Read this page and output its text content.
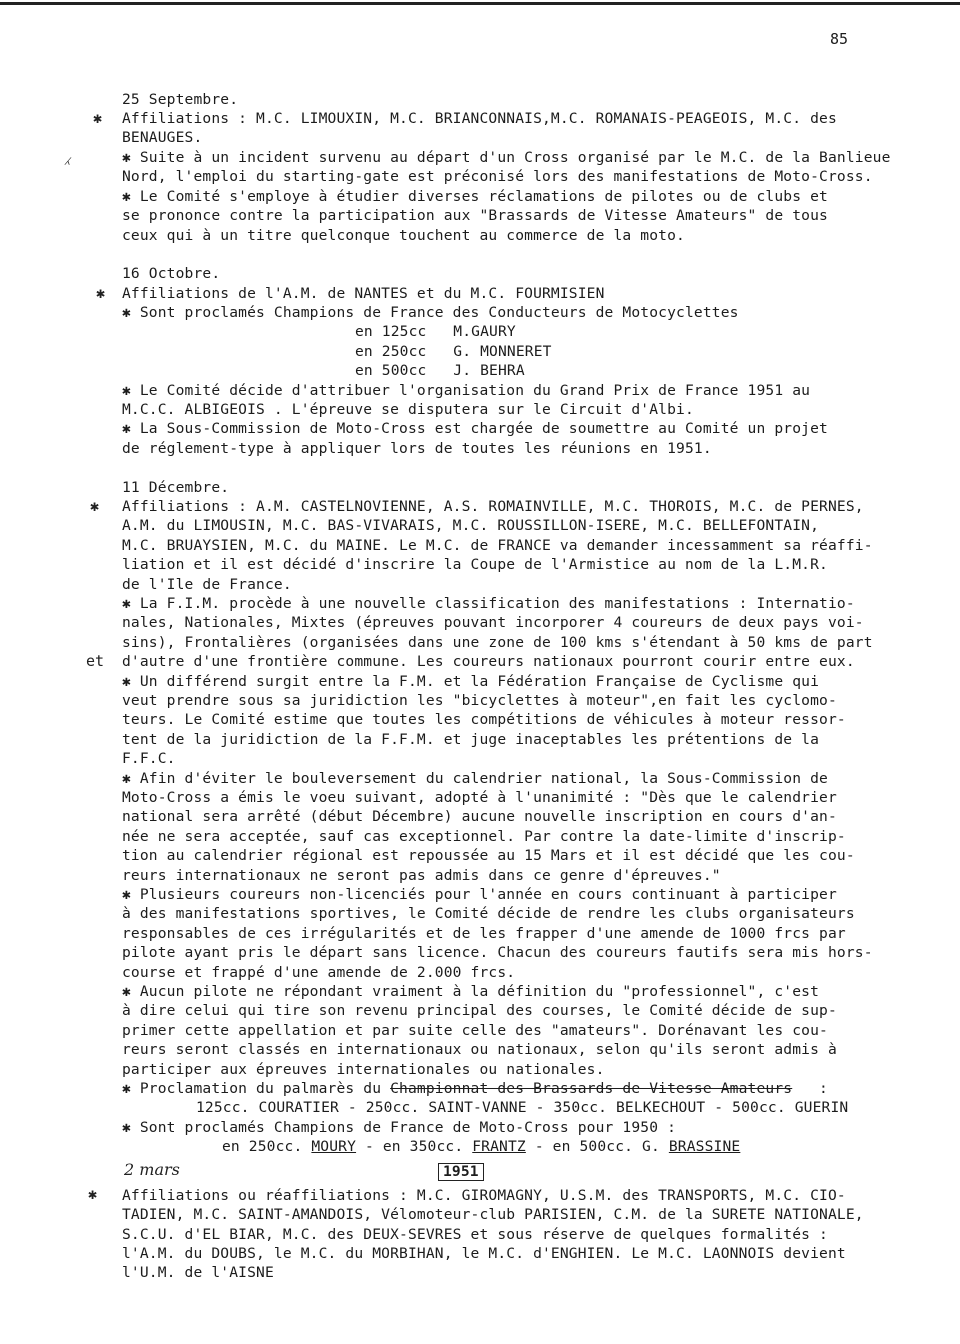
85
25 Septembre.
✱ Affiliations : M.C. LIMOUXIN, M.C. BRIANCONNAIS,M.C. ROMANAIS-PEAGEOIS, M.C. des
BENAUGES.
⁁	✱ Suite à un incident survenu au départ d'un Cross organisé par le M.C. de la Banlieue
Nord, l'emploi du starting-gate est préconisé lors des manifestations de Moto-Cross.
✱ Le Comité s'employe à étudier diverses réclamations de pilotes ou de clubs et
se prononce contre la participation aux "Brassards de Vitesse Amateurs" de tous
ceux qui à un titre quelconque touchent au commerce de la moto.
16 Octobre.
✱ Affiliations de l'A.M. de NANTES et du M.C. FOURMISIEN
✱ Sont proclamés Champions de France des Conducteurs de Motocyclettes
en 125cc   M.GAURY
en 250cc   G. MONNERET
en 500cc   J. BEHRA
✱ Le Comité décide d'attribuer l'organisation du Grand Prix de France 1951 au
M.C.C. ALBIGEOIS . L'épreuve se disputera sur le Circuit d'Albi.
✱ La Sous-Commission de Moto-Cross est chargée de soumettre au Comité un projet
de réglement-type à appliquer lors de toutes les réunions en 1951.
11 Décembre.
✱ Affiliations : A.M. CASTELNOVIENNE, A.S. ROMAINVILLE, M.C. THOROIS, M.C. de PERNES,
A.M. du LIMOUSIN, M.C. BAS-VIVARAIS, M.C. ROUSSILLON-ISERE, M.C. BELLEFONTAIN,
M.C. BRUAYSIEN, M.C. du MAINE. Le M.C. de FRANCE va demander incessamment sa réaffi-
liation et il est décidé d'inscrire la Coupe de l'Armistice au nom de la L.M.R.
de l'Ile de France.
✱ La F.I.M. procède à une nouvelle classification des manifestations : Internatio-
nales, Nationales, Mixtes (épreuves pouvant incorporer 4 coureurs de deux pays voi-
sins), Frontalières (organisées dans une zone de 100 kms s'étendant à 50 kms de part
et d'autre d'une frontière commune. Les coureurs nationaux pourront courir entre eux.
✱ Un différend surgit entre la F.M. et la Fédération Française de Cyclisme qui
veut prendre sous sa juridiction les "bicyclettes à moteur",en fait les cyclomo-
teurs. Le Comité estime que toutes les compétitions de véhicules à moteur ressor-
tent de la juridiction de la F.F.M. et juge inaceptables les prétentions de la
F.F.C.
✱ Afin d'éviter le bouleversement du calendrier national, la Sous-Commission de
Moto-Cross a émis le voeu suivant, adopté à l'unanimité : "Dès que le calendrier
national sera arrêté (début Décembre) aucune nouvelle inscription en cours d'an-
née ne sera acceptée, sauf cas exceptionnel. Par contre la date-limite d'inscrip-
tion au calendrier régional est repoussée au 15 Mars et il est décidé que les cou-
reurs internationaux ne seront pas admis dans ce genre d'épreuves."
✱ Plusieurs coureurs non-licenciés pour l'année en cours continuant à participer
à des manifestations sportives, le Comité décide de rendre les clubs organisateurs
responsables de ces irrégularités et de les frapper d'une amende de 1000 frcs par
pilote ayant pris le départ sans licence. Chacun des coureurs fautifs sera mis hors-
course et frappé d'une amende de 2.000 frcs.
✱ Aucun pilote ne répondant vraiment à la définition du "professionnel", c'est
à dire celui qui tire son revenu principal des courses, le Comité décide de sup-
primer cette appellation et par suite celle des "amateurs". Dorénavant les cou-
reurs seront classés en internationaux ou nationaux, selon qu'ils seront admis à
participer aux épreuves internationales ou nationales.
✱ Proclamation du palmarès du Championnat des Brassards de Vitesse Amateurs :
125cc. COURATIER - 250cc. SAINT-VANNE - 350cc. BELKECHOUT - 500cc. GUERIN
✱ Sont proclamés Champions de France de Moto-Cross pour 1950 :
en 250cc. MOURY - en 350cc. FRANTZ - en 500cc. G. BRASSINE
2 mars	1951
✱ Affiliations ou réaffiliations : M.C. GIROMAGNY, U.S.M. des TRANSPORTS, M.C. CIO-
TADIEN, M.C. SAINT-AMANDOIS, Vélomoteur-club PARISIEN, C.M. de la SURETE NATIONALE,
S.C.U. d'EL BIAR, M.C. des DEUX-SEVRES et sous réserve de quelques formalités :
l'A.M. du DOUBS, le M.C. du MORBIHAN, le M.C. d'ENGHIEN. Le M.C. LAONNOIS devient
l'U.M. de l'AISNE
